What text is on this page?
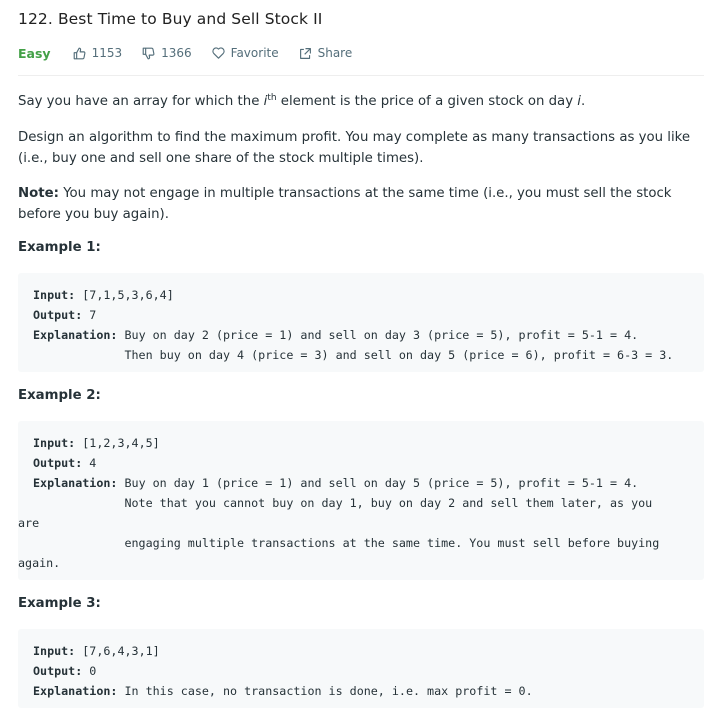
122. Best Time to Buy and Sell Stock II
Easy	1153	1366	Favorite	Share
Say you have an array for which the $i^{th}$ element is the price of a given stock on day i.
Design an algorithm to find the maximum profit. You may complete as many transactions as you like (i.e., buy one and sell one share of the stock multiple times).
Note: You may not engage in multiple transactions at the same time (i.e., you must sell the stock before you buy again).
Example 1:
Input: [7,1,5,3,6,4]
Output: 7
Explanation: Buy on day 2 (price = 1) and sell on day 3 (price = 5), profit = 5-1 = 4.
Then buy on day 4 (price = 3) and sell on day 5 (price = 6), profit = 6-3 = 3.
Example 2:
Input: [1,2,3,4,5]
Output: 4
Explanation: Buy on day 1 (price = 1) and sell on day 5 (price = 5), profit = 5-1 = 4.
Note that you cannot buy on day 1, buy on day 2 and sell them later, as you
are
engaging multiple transactions at the same time. You must sell before buying
again.
Example 3:
Input: [7,6,4,3,1]
Output: 0
Explanation: In this case, no transaction is done, i.e. max profit = 0.
